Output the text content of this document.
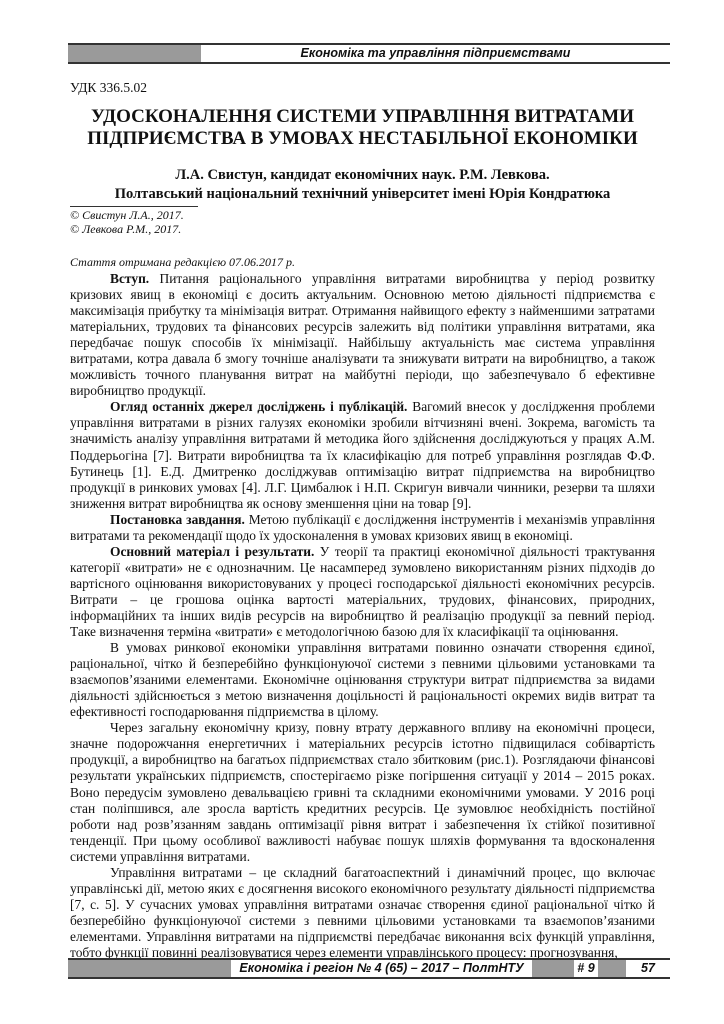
Економіка та управління підприємствами
УДК 336.5.02
УДОСКОНАЛЕННЯ СИСТЕМИ УПРАВЛІННЯ ВИТРАТАМИ
ПІДПРИЄМСТВА В УМОВАХ НЕСТАБІЛЬНОЇ ЕКОНОМІКИ
Л.А. Свистун, кандидат економічних наук. Р.М. Левкова.
Полтавський національний технічний університет імені Юрія Кондратюка
© Свистун Л.А., 2017.
© Левкова Р.М., 2017.
Стаття отримана редакцією 07.06.2017 р.

Вступ. Питання раціонального управління витратами виробництва у період розвитку кризових явищ в економіці є досить актуальним. Основною метою діяльності підприємства є максимізація прибутку та мінімізація витрат. Отримання найвищого ефекту з найменшими затратами матеріальних, трудових та фінансових ресурсів залежить від політики управління витратами, яка передбачає пошук способів їх мінімізації. Найбільшу актуальність має система управління витратами, котра давала б змогу точніше аналізувати та знижувати витрати на виробництво, а також можливість точного планування витрат на майбутні періоди, що забезпечувало б ефективне виробництво продукції.

Огляд останніх джерел досліджень і публікацій. Вагомий внесок у дослідження проблеми управління витратами в різних галузях економіки зробили вітчизняні вчені. Зокрема, вагомість та значимість аналізу управління витратами й методика його здійснення досліджуються у працях А.М. Поддерьогіна [7]. Витрати виробництва та їх класифікацію для потреб управління розглядав Ф.Ф. Бутинець [1]. Е.Д. Дмитренко досліджував оптимізацію витрат підприємства на виробництво продукції в ринкових умовах [4]. Л.Г. Цимбалюк і Н.П. Скригун вивчали чинники, резерви та шляхи зниження витрат виробництва як основу зменшення ціни на товар [9].

Постановка завдання. Метою публікації є дослідження інструментів і механізмів управління витратами та рекомендації щодо їх удосконалення в умовах кризових явищ в економіці.

Основний матеріал і результати. У теорії та практиці економічної діяльності трактування категорії «витрати» не є однозначним. Це насамперед зумовлено використанням різних підходів до вартісного оцінювання використовуваних у процесі господарської діяльності економічних ресурсів. Витрати – це грошова оцінка вартості матеріальних, трудових, фінансових, природних, інформаційних та інших видів ресурсів на виробництво й реалізацію продукції за певний період. Таке визначення терміна «витрати» є методологічною базою для їх класифікації та оцінювання.

В умовах ринкової економіки управління витратами повинно означати створення єдиної, раціональної, чітко й безперебійно функціонуючої системи з певними цільовими установками та взаємопов’язаними елементами. Економічне оцінювання структури витрат підприємства за видами діяльності здійснюється з метою визначення доцільності й раціональності окремих видів витрат та ефективності господарювання підприємства в цілому.

Через загальну економічну кризу, повну втрату державного впливу на економічні процеси, значне подорожчання енергетичних і матеріальних ресурсів істотно підвищилася собівартість продукції, а виробництво на багатьох підприємствах стало збитковим (рис.1). Розглядаючи фінансові результати українських підприємств, спостерігаємо різке погіршення ситуації у 2014 – 2015 роках. Воно передусім зумовлено девальвацією гривні та складними економічними умовами. У 2016 році стан поліпшився, але зросла вартість кредитних ресурсів. Це зумовлює необхідність постійної роботи над розв’язанням завдань оптимізації рівня витрат і забезпечення їх стійкої позитивної тенденції. При цьому особливої важливості набуває пошук шляхів формування та вдосконалення системи управління витратами.

Управління витратами – це складний багатоаспектний і динамічний процес, що включає управлінські дії, метою яких є досягнення високого економічного результату діяльності підприємства [7, с. 5]. У сучасних умовах управління витратами означає створення єдиної раціональної чітко й безперебійно функціонуючої системи з певними цільовими установками та взаємопов’язаними елементами. Управління витратами на підприємстві передбачає виконання всіх функцій управління, тобто функції повинні реалізовуватися через елементи управлінського процесу: прогнозування,

Економіка і регіон № 4 (65) – 2017 – ПолтНТУ	# 9	57
